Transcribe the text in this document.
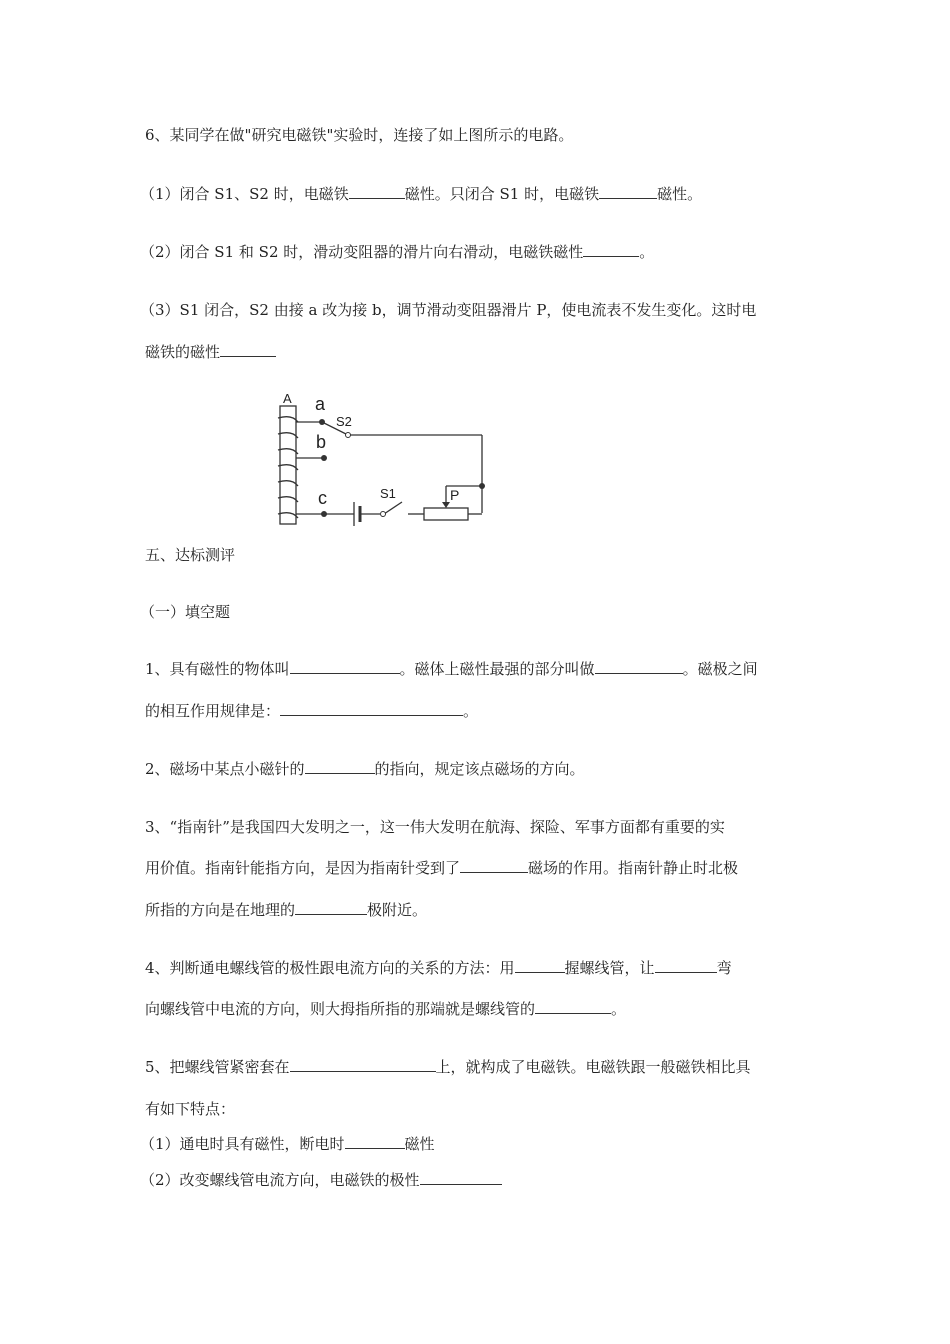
6、某同学在做"研究电磁铁"实验时，连接了如上图所示的电路。
（1）闭合 S1、S2 时，电磁铁	磁性。只闭合 S1 时，电磁铁	磁性。
（2）闭合 S1 和 S2 时，滑动变阻器的滑片向右滑动，电磁铁磁性	。
（3）S1 闭合，S2 由接 a 改为接 b，调节滑动变阻器滑片 P，使电流表不发生变化。这时电
磁铁的磁性
A a
S2
b
c	S1	P
五、达标测评
（一）填空题
1、具有磁性的物体叫	。磁体上磁性最强的部分叫做	。磁极之间
的相互作用规律是：	。
2、磁场中某点小磁针的	的指向，规定该点磁场的方向。
3、“指南针”是我国四大发明之一，这一伟大发明在航海、探险、军事方面都有重要的实
用价值。指南针能指方向，是因为指南针受到了	磁场的作用。指南针静止时北极
所指的方向是在地理的	极附近。
4、判断通电螺线管的极性跟电流方向的关系的方法：用	握螺线管，让	弯
向螺线管中电流的方向，则大拇指所指的那端就是螺线管的	。
5、把螺线管紧密套在	上，就构成了电磁铁。电磁铁跟一般磁铁相比具
有如下特点：
（1）通电时具有磁性，断电时	磁性
（2）改变螺线管电流方向，电磁铁的极性
